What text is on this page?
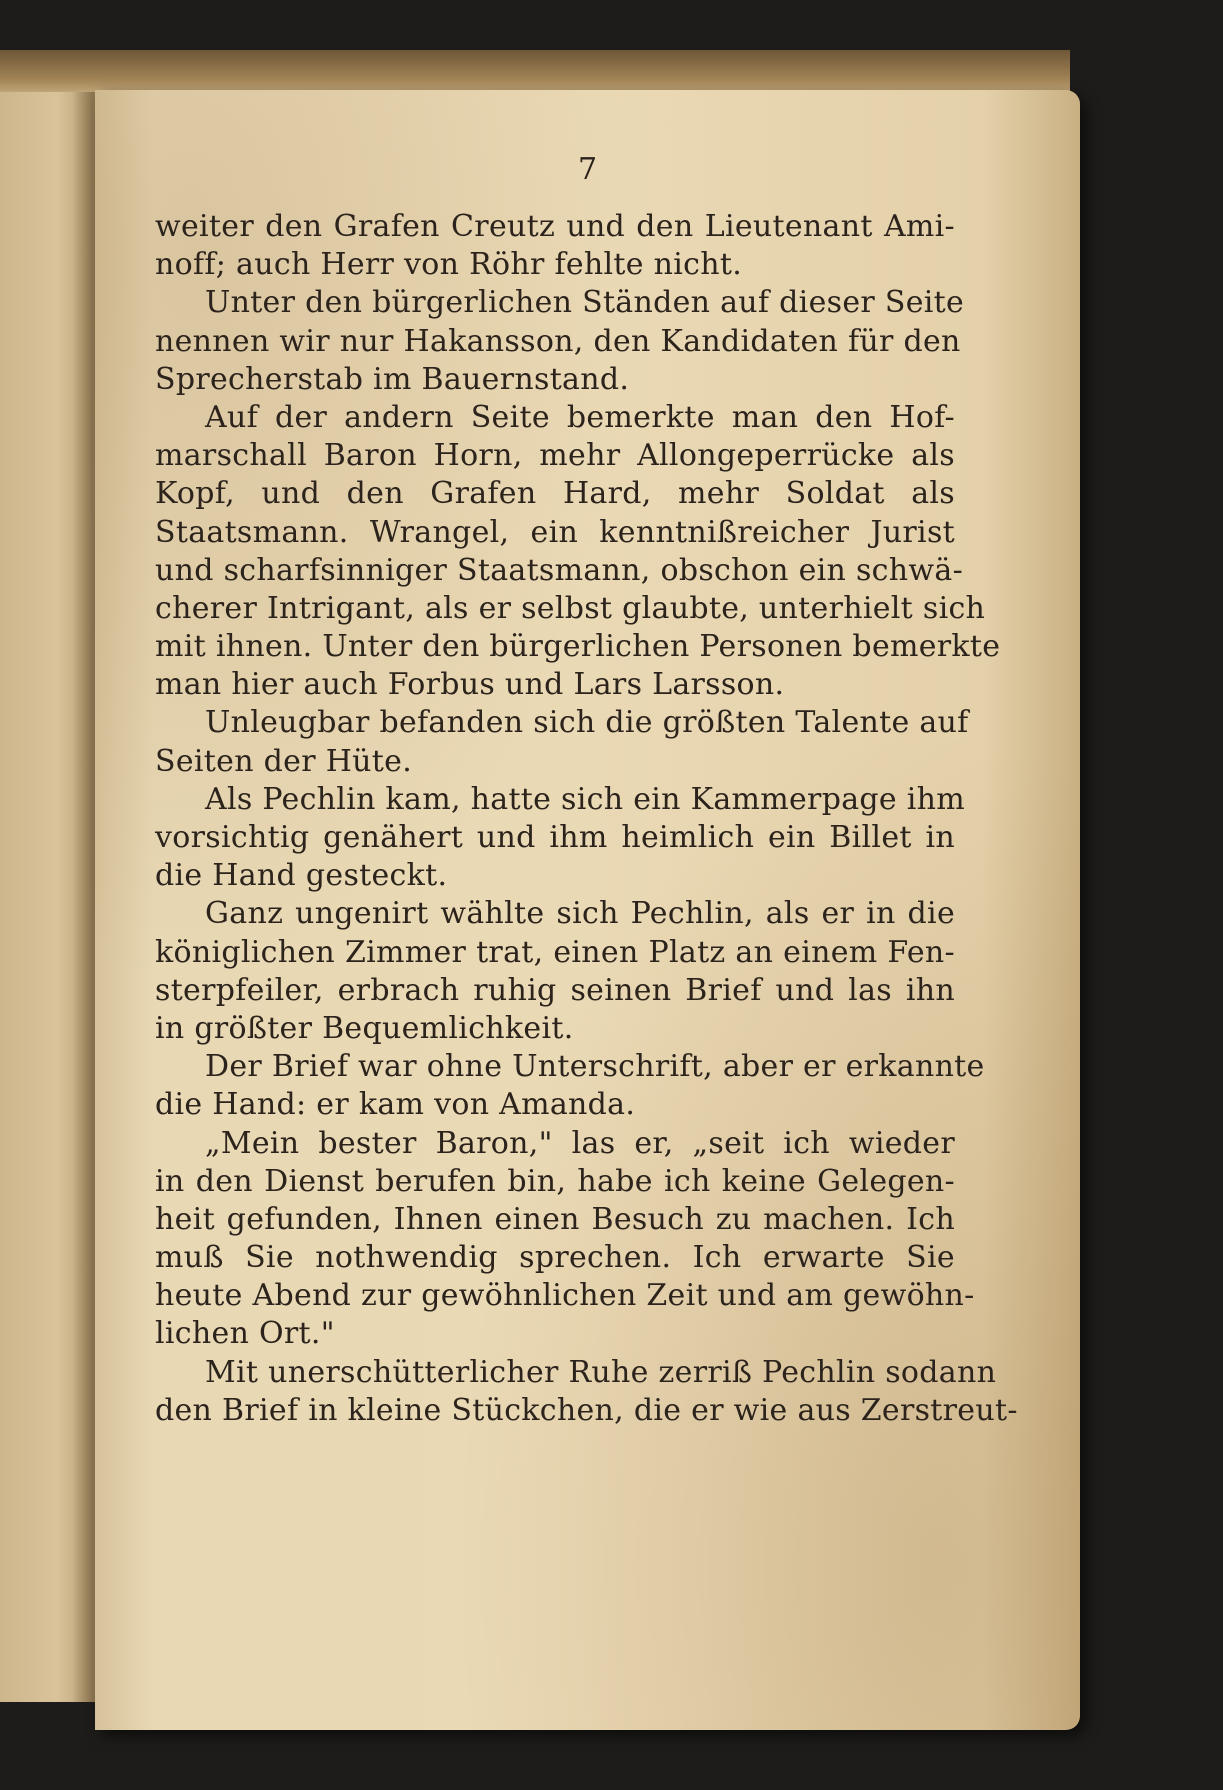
7
weiter den Grafen Creutz und den Lieutenant Ami-
noff; auch Herr von Röhr fehlte nicht.
Unter den bürgerlichen Ständen auf dieser Seite
nennen wir nur Hakansson, den Kandidaten für den
Sprecherstab im Bauernstand.
Auf der andern Seite bemerkte man den Hof-
marschall Baron Horn, mehr Allongeperrücke als
Kopf, und den Grafen Hard, mehr Soldat als
Staatsmann. Wrangel, ein kenntnißreicher Jurist
und scharfsinniger Staatsmann, obschon ein schwä-
cherer Intrigant, als er selbst glaubte, unterhielt sich
mit ihnen. Unter den bürgerlichen Personen bemerkte
man hier auch Forbus und Lars Larsson.
Unleugbar befanden sich die größten Talente auf
Seiten der Hüte.
Als Pechlin kam, hatte sich ein Kammerpage ihm
vorsichtig genähert und ihm heimlich ein Billet in
die Hand gesteckt.
Ganz ungenirt wählte sich Pechlin, als er in die
königlichen Zimmer trat, einen Platz an einem Fen-
sterpfeiler, erbrach ruhig seinen Brief und las ihn
in größter Bequemlichkeit.
Der Brief war ohne Unterschrift, aber er erkannte
die Hand: er kam von Amanda.
„Mein bester Baron," las er, „seit ich wieder
in den Dienst berufen bin, habe ich keine Gelegen-
heit gefunden, Ihnen einen Besuch zu machen. Ich
muß Sie nothwendig sprechen. Ich erwarte Sie
heute Abend zur gewöhnlichen Zeit und am gewöhn-
lichen Ort."
Mit unerschütterlicher Ruhe zerriß Pechlin sodann
den Brief in kleine Stückchen, die er wie aus Zerstreut-
